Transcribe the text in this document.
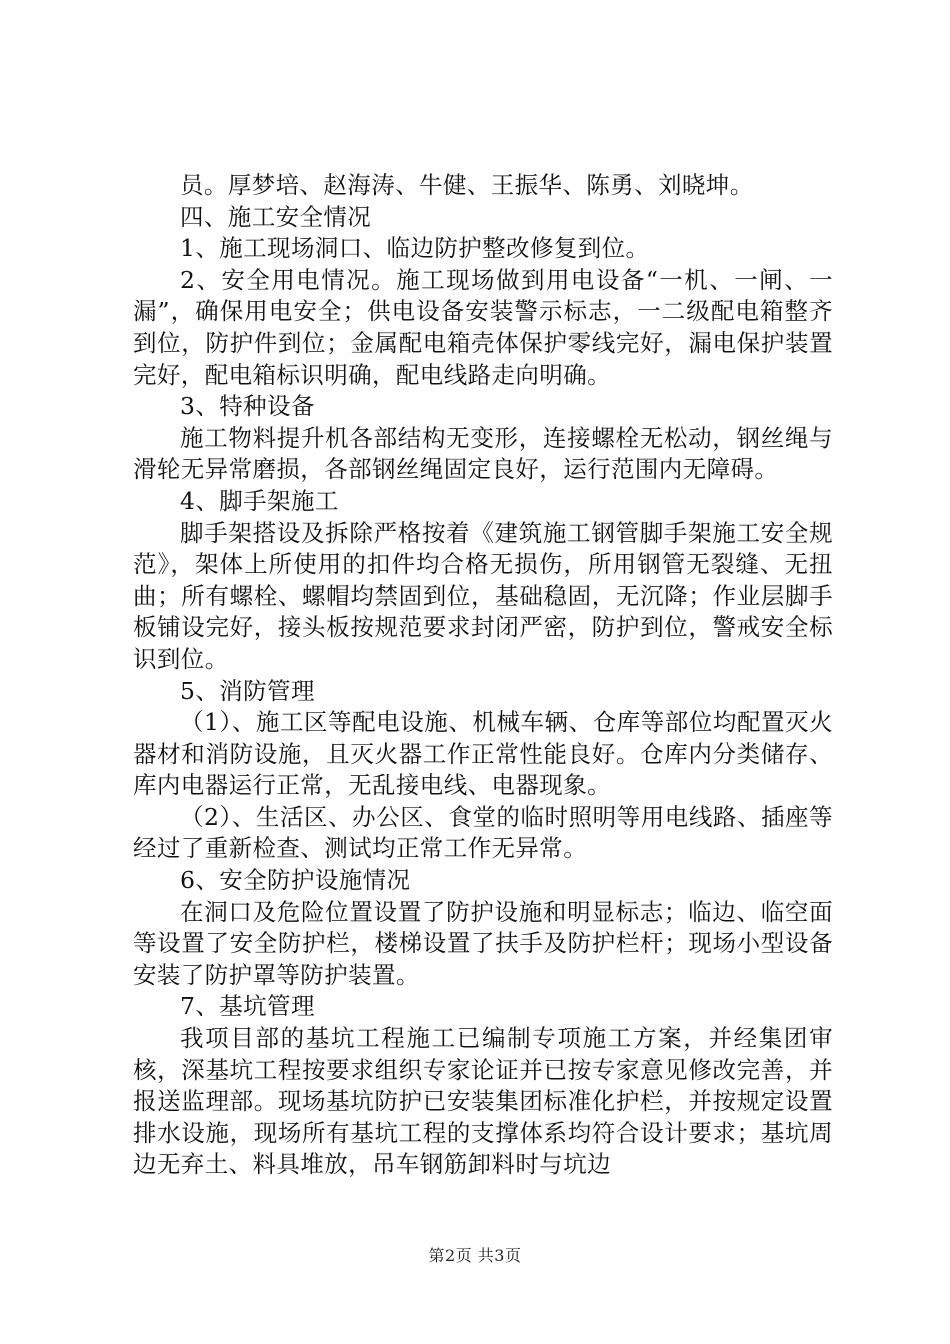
员。厚梦培、赵海涛、牛健、王振华、陈勇、刘晓坤。

四、施工安全情况

1、施工现场洞口、临边防护整改修复到位。

2、安全用电情况。施工现场做到用电设备“一机、一闸、一漏”，确保用电安全；供电设备安装警示标志，一二级配电箱整齐到位，防护件到位；金属配电箱壳体保护零线完好，漏电保护装置完好，配电箱标识明确，配电线路走向明确。

3、特种设备

施工物料提升机各部结构无变形，连接螺栓无松动，钢丝绳与滑轮无异常磨损，各部钢丝绳固定良好，运行范围内无障碍。

4、脚手架施工

脚手架搭设及拆除严格按着《建筑施工钢管脚手架施工安全规范》，架体上所使用的扣件均合格无损伤，所用钢管无裂缝、无扭曲；所有螺栓、螺帽均禁固到位，基础稳固，无沉降；作业层脚手板铺设完好，接头板按规范要求封闭严密，防护到位，警戒安全标识到位。

5、消防管理

（1）、施工区等配电设施、机械车辆、仓库等部位均配置灭火器材和消防设施，且灭火器工作正常性能良好。仓库内分类储存、库内电器运行正常，无乱接电线、电器现象。

（2）、生活区、办公区、食堂的临时照明等用电线路、插座等经过了重新检查、测试均正常工作无异常。

6、安全防护设施情况

在洞口及危险位置设置了防护设施和明显标志；临边、临空面等设置了安全防护栏，楼梯设置了扶手及防护栏杆；现场小型设备安装了防护罩等防护装置。

7、基坑管理

我项目部的基坑工程施工已编制专项施工方案，并经集团审核，深基坑工程按要求组织专家论证并已按专家意见修改完善，并报送监理部。现场基坑防护已安装集团标准化护栏，并按规定设置排水设施，现场所有基坑工程的支撑体系均符合设计要求；基坑周边无弃土、料具堆放，吊车钢筋卸料时与坑边

第2页 共3页
